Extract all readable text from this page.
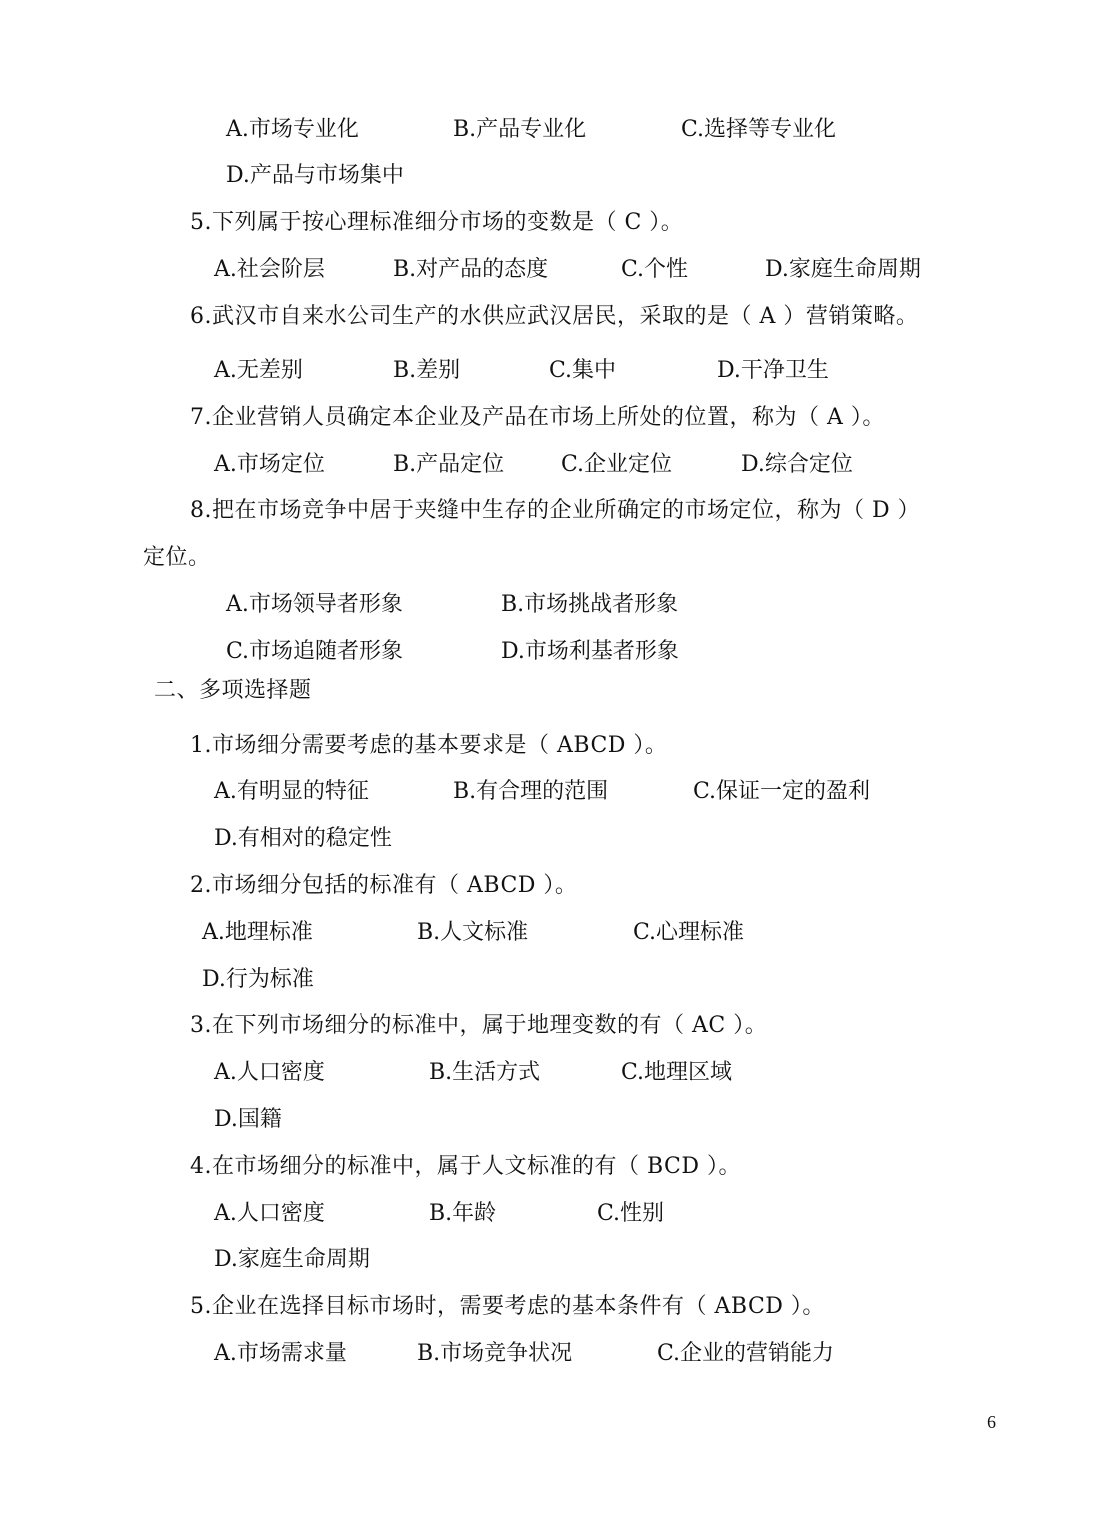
A.市场专业化	B.产品专业化	C.选择等专业化
D.产品与市场集中
5.下列属于按心理标准细分市场的变数是（ C ）。
A.社会阶层	B.对产品的态度	C.个性	D.家庭生命周期
6.武汉市自来水公司生产的水供应武汉居民，采取的是（ A ）营销策略。
A.无差别	B.差别	C.集中	D.干净卫生
7.企业营销人员确定本企业及产品在市场上所处的位置，称为（ A ）。
A.市场定位	B.产品定位	C.企业定位	D.综合定位
8.把在市场竞争中居于夹缝中生存的企业所确定的市场定位，称为（ D ）
定位。
A.市场领导者形象	B.市场挑战者形象
C.市场追随者形象	D.市场利基者形象
二、多项选择题
1.市场细分需要考虑的基本要求是（ ABCD ）。
A.有明显的特征	B.有合理的范围	C.保证一定的盈利
D.有相对的稳定性
2.市场细分包括的标准有（ ABCD ）。
A.地理标准	B.人文标准	C.心理标准
D.行为标准
3.在下列市场细分的标准中，属于地理变数的有（ AC ）。
A.人口密度	B.生活方式	C.地理区域
D.国籍
4.在市场细分的标准中，属于人文标准的有（ BCD ）。
A.人口密度	B.年龄	C.性别
D.家庭生命周期
5.企业在选择目标市场时，需要考虑的基本条件有（ ABCD ）。
A.市场需求量	B.市场竞争状况	C.企业的营销能力
6
